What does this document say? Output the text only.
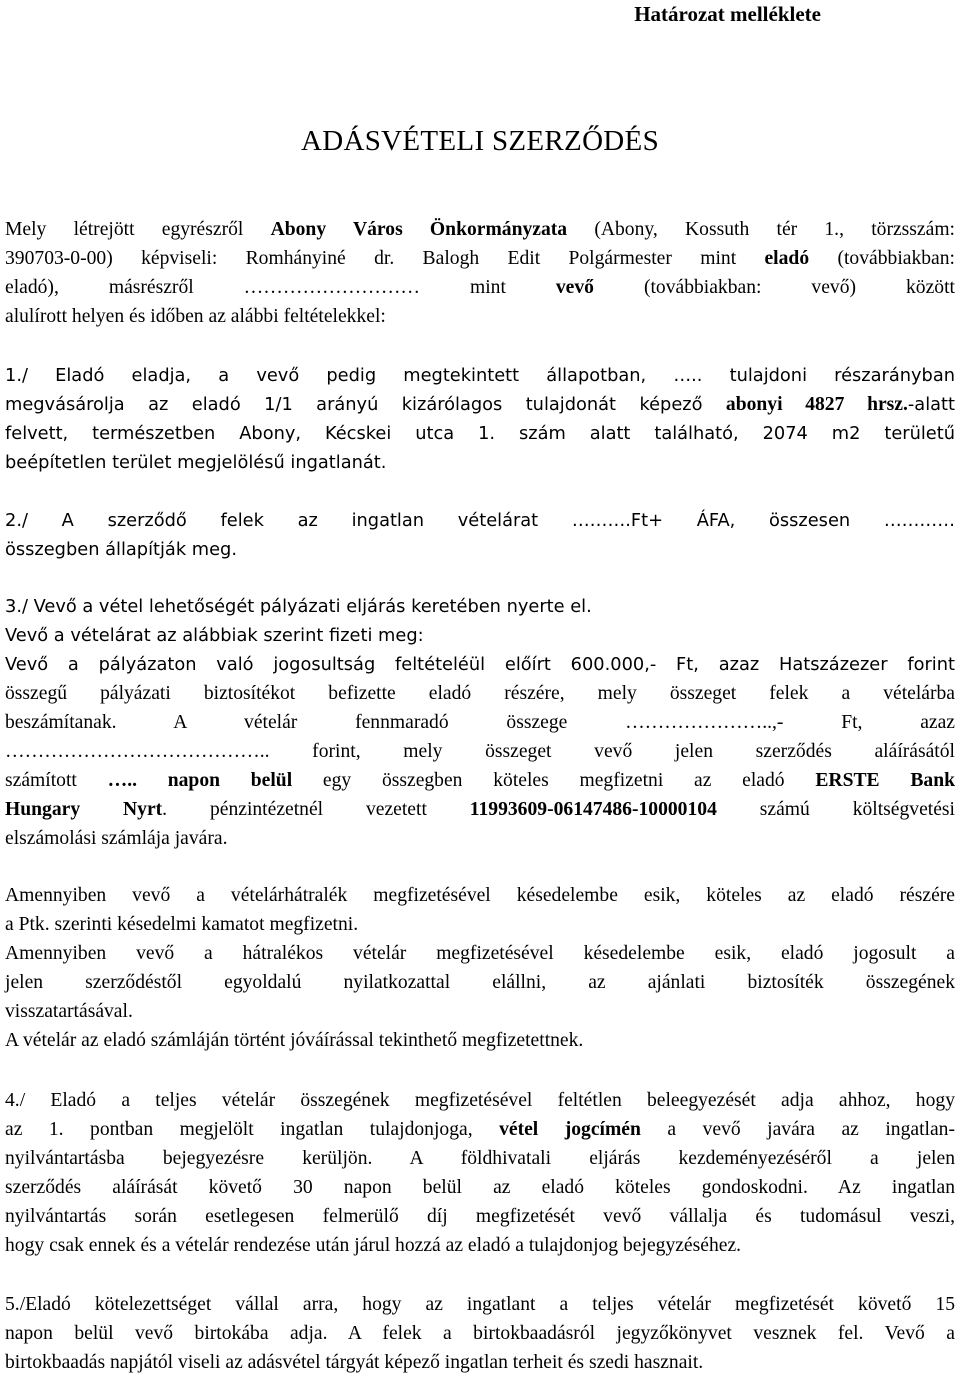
Határozat melléklete
ADÁSVÉTELI SZERZŐDÉS
Mely létrejött egyrészről Abony Város Önkormányzata (Abony, Kossuth tér 1., törzsszám:
390703-0-00) képviseli: Romhányiné dr. Balogh Edit Polgármester mint eladó (továbbiakban:
eladó), másrészről ……………………… mint vevő (továbbiakban: vevő) között
alulírott helyen és időben az alábbi feltételekkel:
1./ Eladó eladja, a vevő pedig megtekintett állapotban, ….. tulajdoni részarányban
megvásárolja az eladó 1/1 arányú kizárólagos tulajdonát képező abonyi 4827 hrsz.-alatt
felvett, természetben Abony, Kécskei utca 1. szám alatt található, 2074 m2 területű
beépítetlen terület megjelölésű ingatlanát.
2./ A szerződő felek az ingatlan vételárat ……….Ft+ ÁFA, összesen …………
összegben állapítják meg.
3./ Vevő a vétel lehetőségét pályázati eljárás keretében nyerte el.
Vevő a vételárat az alábbiak szerint fizeti meg:
Vevő a pályázaton való jogosultság feltételéül előírt 600.000,- Ft, azaz Hatszázezer forint
összegű pályázati biztosítékot befizette eladó részére, mely összeget felek a vételárba
beszámítanak. A vételár fennmaradó összege …………………..,- Ft, azaz
………………………………….. forint, mely összeget vevő jelen szerződés aláírásától
számított ….. napon belül egy összegben köteles megfizetni az eladó ERSTE Bank
Hungary Nyrt. pénzintézetnél vezetett 11993609-06147486-10000104 számú költségvetési
elszámolási számlája javára.
Amennyiben vevő a vételárhátralék megfizetésével késedelembe esik, köteles az eladó részére
a Ptk. szerinti késedelmi kamatot megfizetni.
Amennyiben vevő a hátralékos vételár megfizetésével késedelembe esik, eladó jogosult a
jelen szerződéstől egyoldalú nyilatkozattal elállni, az ajánlati biztosíték összegének
visszatartásával.
A vételár az eladó számláján történt jóváírással tekinthető megfizetettnek.
4./ Eladó a teljes vételár összegének megfizetésével feltétlen beleegyezését adja ahhoz, hogy
az 1. pontban megjelölt ingatlan tulajdonjoga, vétel jogcímén a vevő javára az ingatlan-
nyilvántartásba bejegyezésre kerüljön. A földhivatali eljárás kezdeményezéséről a jelen
szerződés aláírását követő 30 napon belül az eladó köteles gondoskodni. Az ingatlan
nyilvántartás során esetlegesen felmerülő díj megfizetését vevő vállalja és tudomásul veszi,
hogy csak ennek és a vételár rendezése után járul hozzá az eladó a tulajdonjog bejegyzéséhez.
5./Eladó kötelezettséget vállal arra, hogy az ingatlant a teljes vételár megfizetését követő 15
napon belül vevő birtokába adja. A felek a birtokbaadásról jegyzőkönyvet vesznek fel. Vevő a
birtokbaadás napjától viseli az adásvétel tárgyát képező ingatlan terheit és szedi hasznait.
